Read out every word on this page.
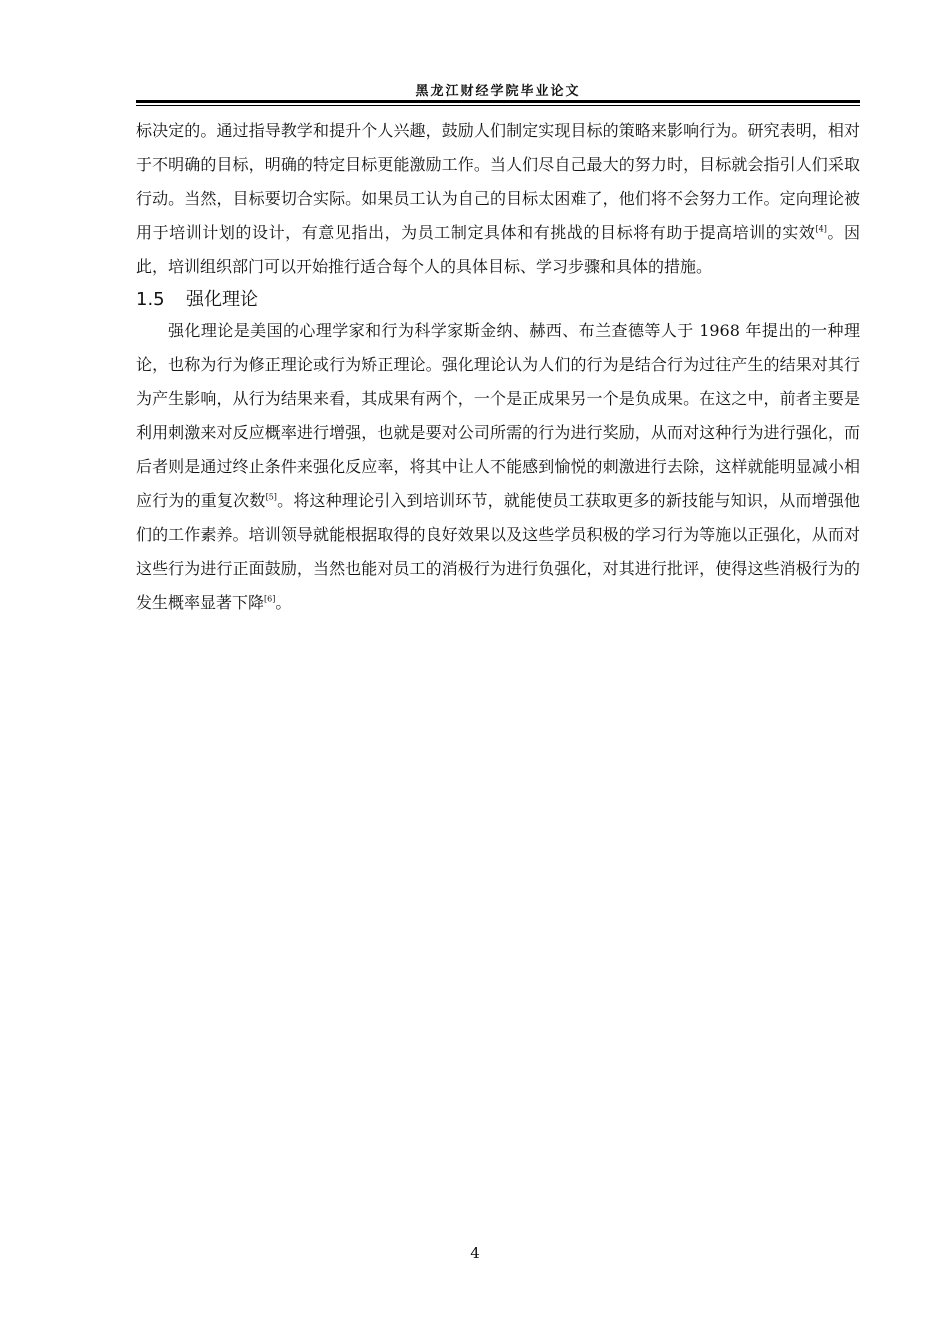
黑龙江财经学院毕业论文

标决定的。通过指导教学和提升个人兴趣，鼓励人们制定实现目标的策略来影响行为。研究表明，相对于不明确的目标，明确的特定目标更能激励工作。当人们尽自己最大的努力时，目标就会指引人们采取行动。当然，目标要切合实际。如果员工认为自己的目标太困难了，他们将不会努力工作。定向理论被用于培训计划的设计，有意见指出，为员工制定具体和有挑战的目标将有助于提高培训的实效[4]。因此，培训组织部门可以开始推行适合每个人的具体目标、学习步骤和具体的措施。

1.5 强化理论

强化理论是美国的心理学家和行为科学家斯金纳、赫西、布兰查德等人于 1968 年提出的一种理论，也称为行为修正理论或行为矫正理论。强化理论认为人们的行为是结合行为过往产生的结果对其行为产生影响，从行为结果来看，其成果有两个，一个是正成果另一个是负成果。在这之中，前者主要是利用刺激来对反应概率进行增强，也就是要对公司所需的行为进行奖励，从而对这种行为进行强化，而后者则是通过终止条件来强化反应率，将其中让人不能感到愉悦的刺激进行去除，这样就能明显减小相应行为的重复次数[5]。将这种理论引入到培训环节，就能使员工获取更多的新技能与知识，从而增强他们的工作素养。培训领导就能根据取得的良好效果以及这些学员积极的学习行为等施以正强化，从而对这些行为进行正面鼓励，当然也能对员工的消极行为进行负强化，对其进行批评，使得这些消极行为的发生概率显著下降[6]。

4
